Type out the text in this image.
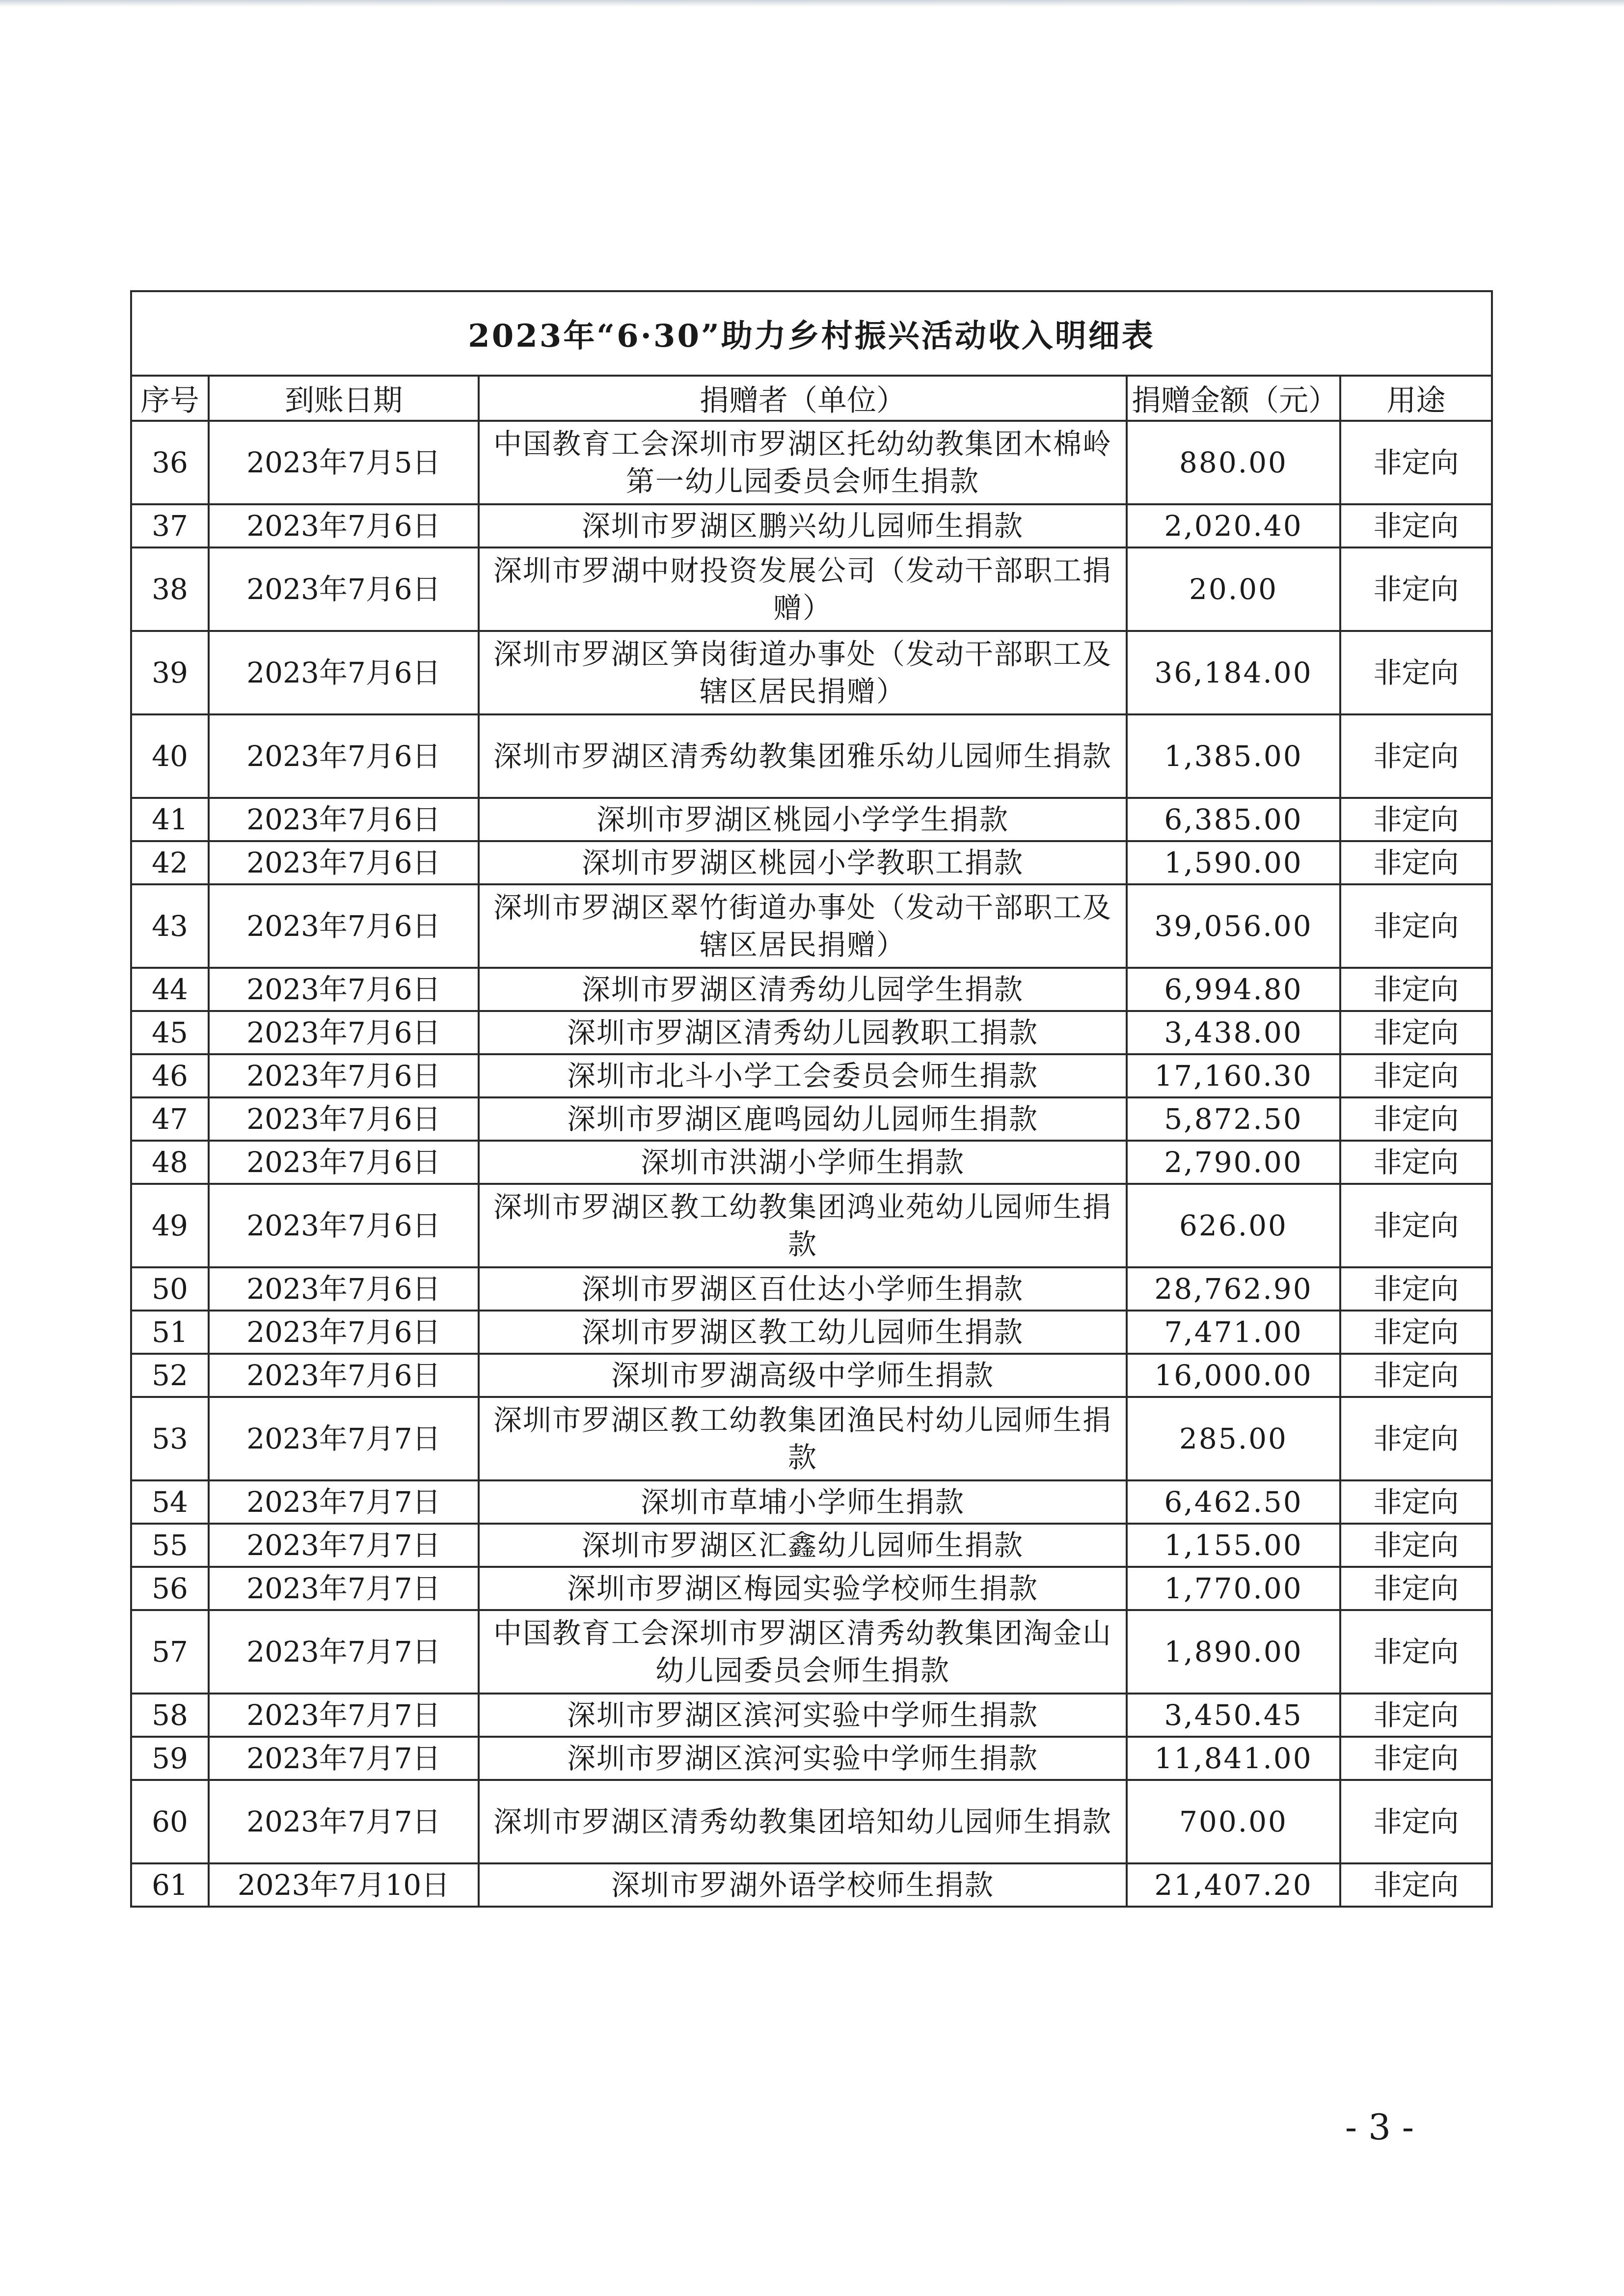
2023年“6·30”助力乡村振兴活动收入明细表				
序号	到账日期	捐赠者（单位）	捐赠金额（元）	用途
36	2023年7月5日	中国教育工会深圳市罗湖区托幼幼教集团木棉岭第一幼儿园委员会师生捐款	880.00	非定向
37	2023年7月6日	深圳市罗湖区鹏兴幼儿园师生捐款	2,020.40	非定向
38	2023年7月6日	深圳市罗湖中财投资发展公司（发动干部职工捐赠）	20.00	非定向
39	2023年7月6日	深圳市罗湖区笋岗街道办事处（发动干部职工及辖区居民捐赠）	36,184.00	非定向
40	2023年7月6日	深圳市罗湖区清秀幼教集团雅乐幼儿园师生捐款	1,385.00	非定向
41	2023年7月6日	深圳市罗湖区桃园小学学生捐款	6,385.00	非定向
42	2023年7月6日	深圳市罗湖区桃园小学教职工捐款	1,590.00	非定向
43	2023年7月6日	深圳市罗湖区翠竹街道办事处（发动干部职工及辖区居民捐赠）	39,056.00	非定向
44	2023年7月6日	深圳市罗湖区清秀幼儿园学生捐款	6,994.80	非定向
45	2023年7月6日	深圳市罗湖区清秀幼儿园教职工捐款	3,438.00	非定向
46	2023年7月6日	深圳市北斗小学工会委员会师生捐款	17,160.30	非定向
47	2023年7月6日	深圳市罗湖区鹿鸣园幼儿园师生捐款	5,872.50	非定向
48	2023年7月6日	深圳市洪湖小学师生捐款	2,790.00	非定向
49	2023年7月6日	深圳市罗湖区教工幼教集团鸿业苑幼儿园师生捐款	626.00	非定向
50	2023年7月6日	深圳市罗湖区百仕达小学师生捐款	28,762.90	非定向
51	2023年7月6日	深圳市罗湖区教工幼儿园师生捐款	7,471.00	非定向
52	2023年7月6日	深圳市罗湖高级中学师生捐款	16,000.00	非定向
53	2023年7月7日	深圳市罗湖区教工幼教集团渔民村幼儿园师生捐款	285.00	非定向
54	2023年7月7日	深圳市草埔小学师生捐款	6,462.50	非定向
55	2023年7月7日	深圳市罗湖区汇鑫幼儿园师生捐款	1,155.00	非定向
56	2023年7月7日	深圳市罗湖区梅园实验学校师生捐款	1,770.00	非定向
57	2023年7月7日	中国教育工会深圳市罗湖区清秀幼教集团淘金山幼儿园委员会师生捐款	1,890.00	非定向
58	2023年7月7日	深圳市罗湖区滨河实验中学师生捐款	3,450.45	非定向
59	2023年7月7日	深圳市罗湖区滨河实验中学师生捐款	11,841.00	非定向
60	2023年7月7日	深圳市罗湖区清秀幼教集团培知幼儿园师生捐款	700.00	非定向
61	2023年7月10日	深圳市罗湖外语学校师生捐款	21,407.20	非定向
- 3 -
